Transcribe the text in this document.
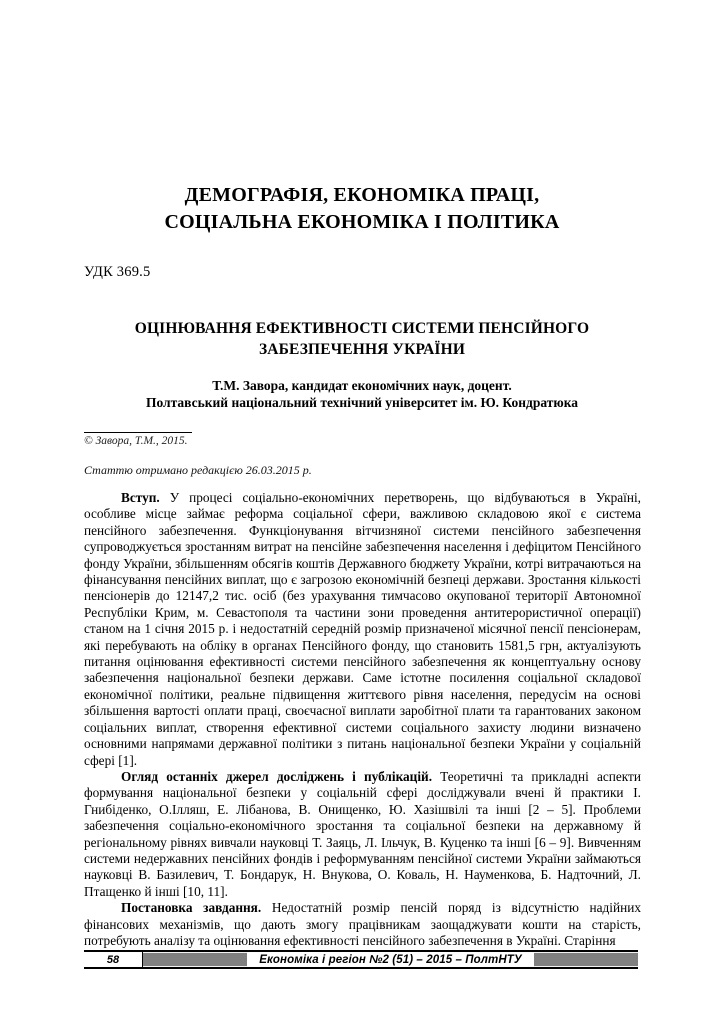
ДЕМОГРАФІЯ, ЕКОНОМІКА ПРАЦІ,
СОЦІАЛЬНА ЕКОНОМІКА І ПОЛІТИКА
УДК 369.5
ОЦІНЮВАННЯ ЕФЕКТИВНОСТІ СИСТЕМИ ПЕНСІЙНОГО
ЗАБЕЗПЕЧЕННЯ УКРАЇНИ
Т.М. Завора, кандидат економічних наук, доцент.
Полтавський національний технічний університет ім. Ю. Кондратюка
© Завора, Т.М., 2015.
Статтю отримано редакцією 26.03.2015 р.

Вступ. У процесі соціально-економічних перетворень, що відбуваються в Україні, особливе місце займає реформа соціальної сфери, важливою складовою якої є система пенсійного забезпечення. Функціонування вітчизняної системи пенсійного забезпечення супроводжується зростанням витрат на пенсійне забезпечення населення і дефіцитом Пенсійного фонду України, збільшенням обсягів коштів Державного бюджету України, котрі витрачаються на фінансування пенсійних виплат, що є загрозою економічній безпеці держави. Зростання кількості пенсіонерів до 12147,2 тис. осіб (без урахування тимчасово окупованої території Автономної Республіки Крим, м. Севастополя та частини зони проведення антитерористичної операції) станом на 1 січня 2015 р. і недостатній середній розмір призначеної місячної пенсії пенсіонерам, які перебувають на обліку в органах Пенсійного фонду, що становить 1581,5 грн, актуалізують питання оцінювання ефективності системи пенсійного забезпечення як концептуальну основу забезпечення національної безпеки держави. Саме істотне посилення соціальної складової економічної політики, реальне підвищення життєвого рівня населення, передусім на основі збільшення вартості оплати праці, своєчасної виплати заробітної плати та гарантованих законом соціальних виплат, створення ефективної системи соціального захисту людини визначено основними напрямами державної політики з питань національної безпеки України у соціальній сфері [1].

Огляд останніх джерел досліджень і публікацій. Теоретичні та прикладні аспекти формування національної безпеки у соціальній сфері досліджували вчені й практики І. Гнибіденко, О.Ілляш, Е. Лібанова, В. Онищенко, Ю. Хазішвілі та інші [2 – 5]. Проблеми забезпечення соціально-економічного зростання та соціальної безпеки на державному й регіональному рівнях вивчали науковці Т. Заяць, Л. Ільчук, В. Куценко та інші [6 – 9]. Вивченням системи недержавних пенсійних фондів і реформуванням пенсійної системи України займаються науковці В. Базилевич, Т. Бондарук, Н. Внукова, О. Коваль, Н. Науменкова, Б. Надточний, Л. Птащенко й інші [10, 11].

Постановка завдання. Недостатній розмір пенсій поряд із відсутністю надійних фінансових механізмів, що дають змогу працівникам заощаджувати кошти на старість, потребують аналізу та оцінювання ефективності пенсійного забезпечення в Україні. Старіння

58	Економіка і регіон №2 (51) – 2015 – ПолтНТУ
